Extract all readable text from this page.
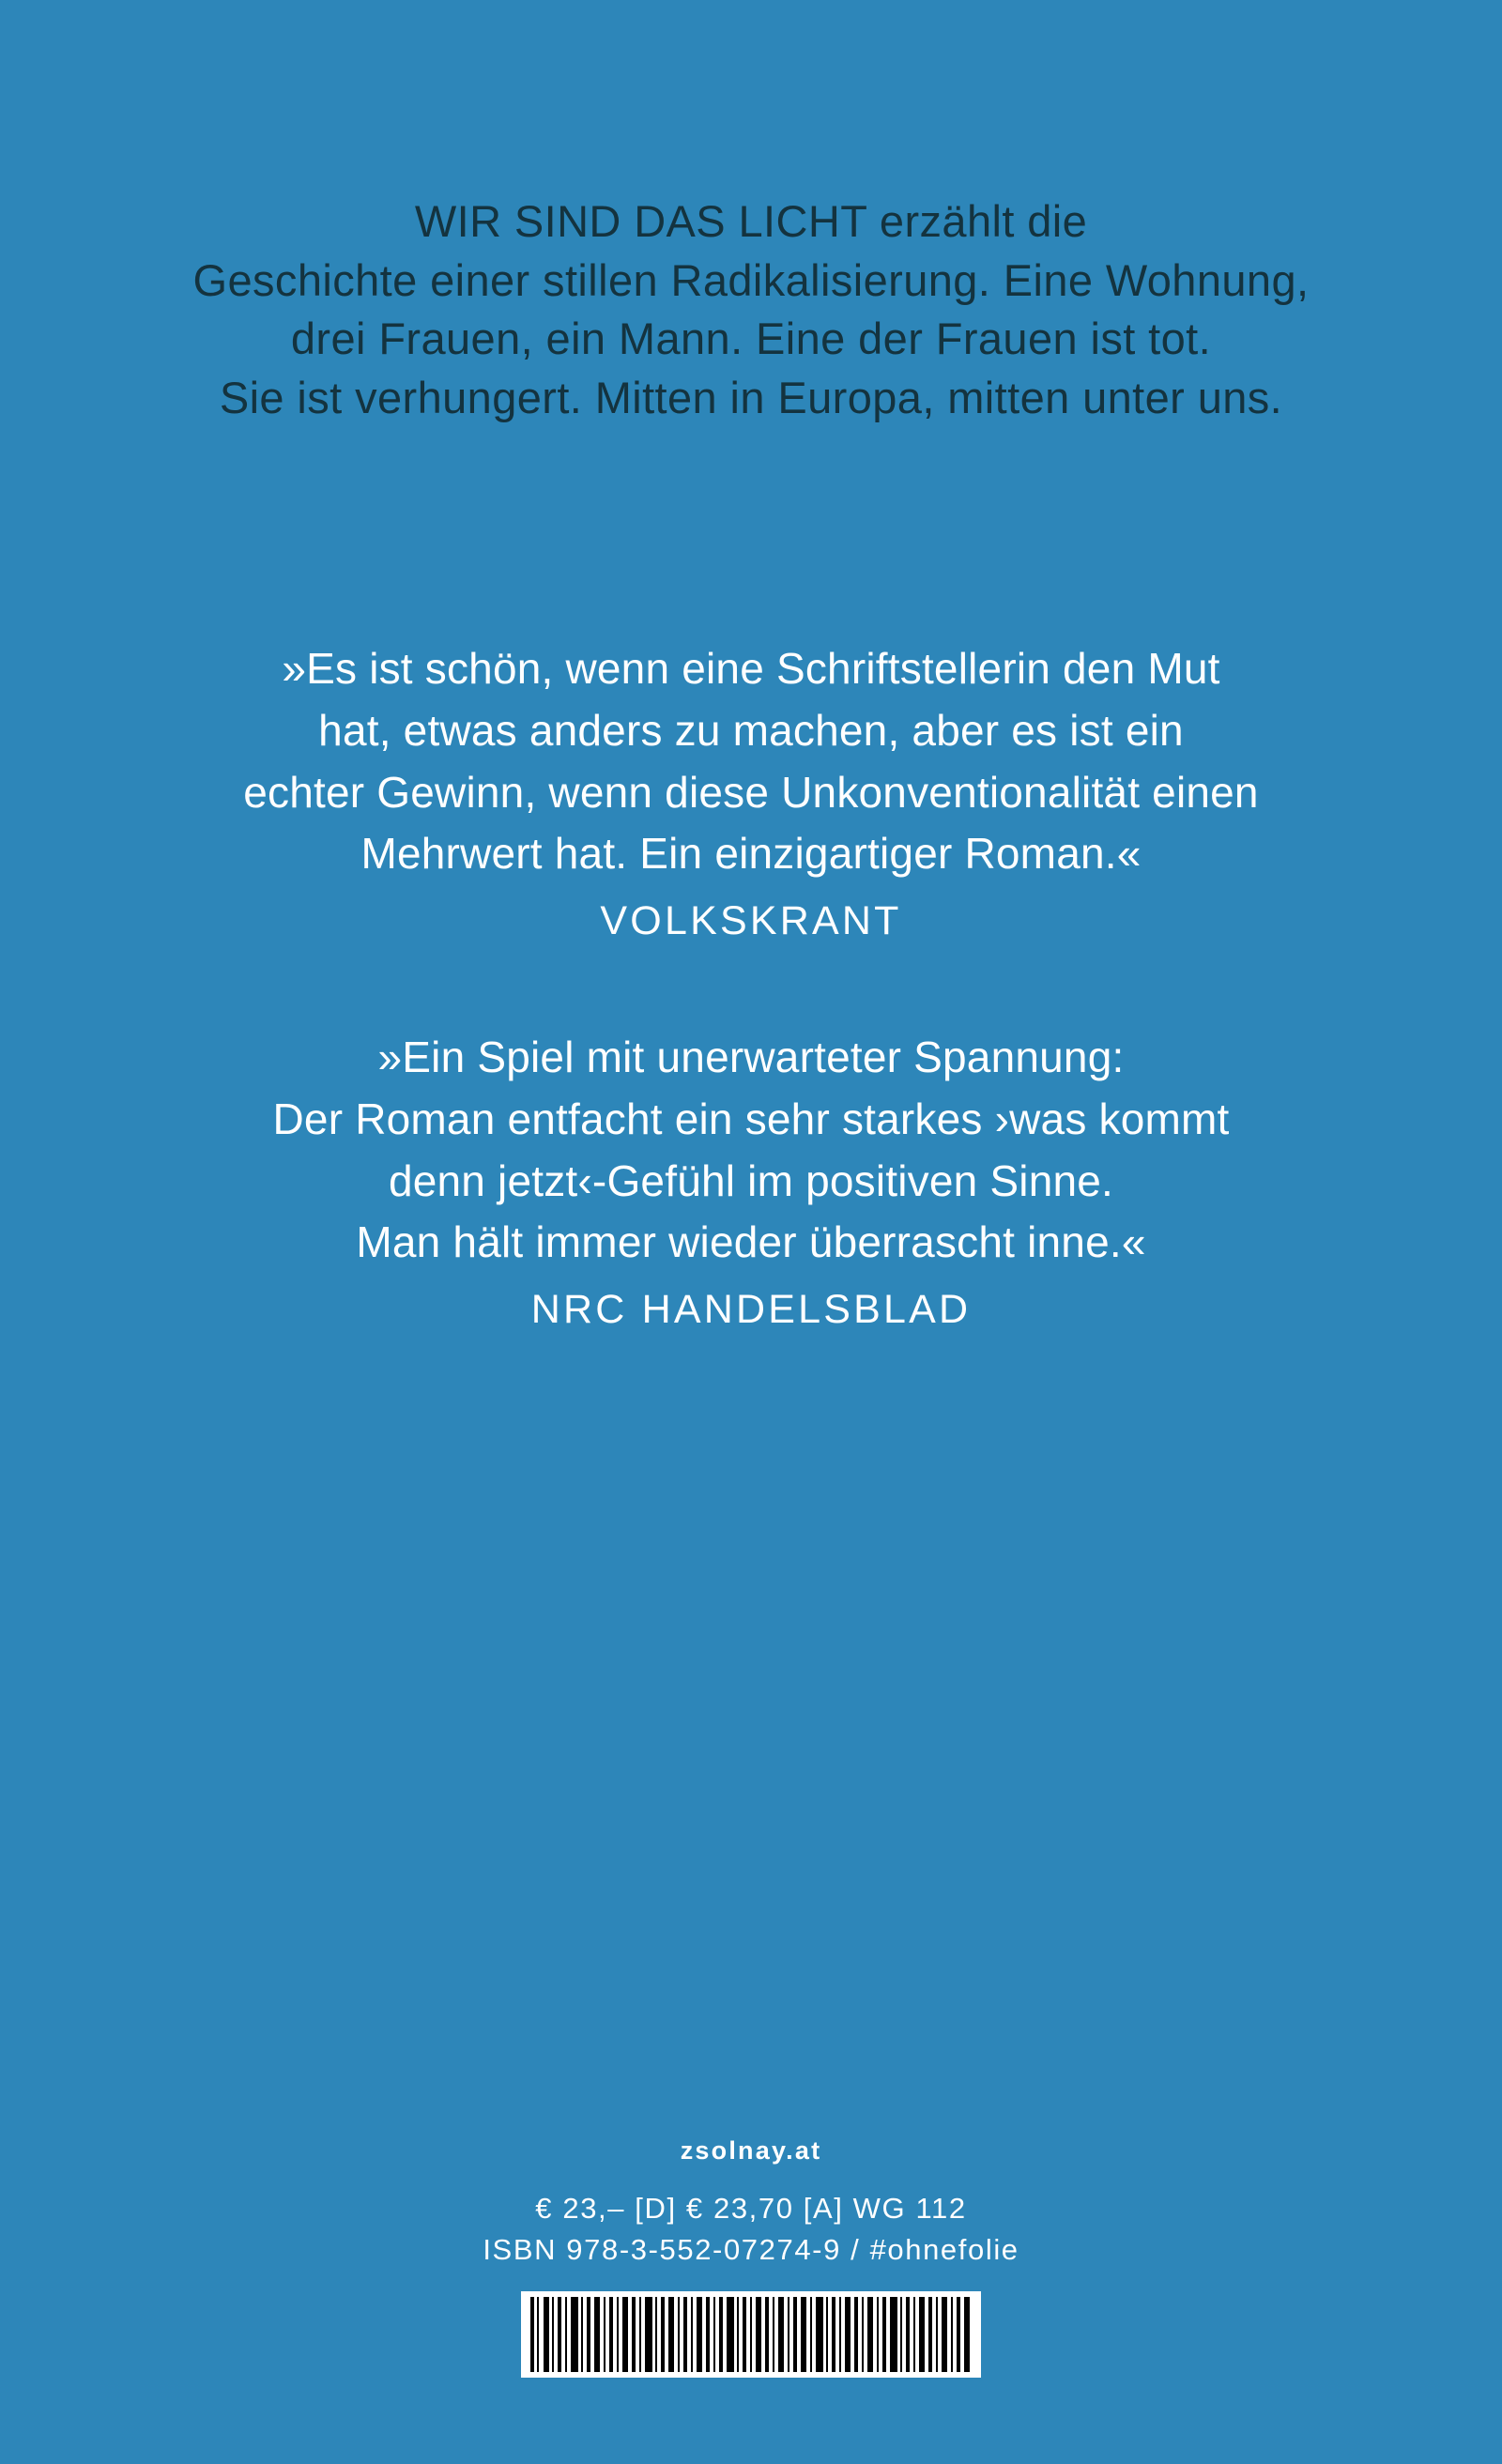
WIR SIND DAS LICHT erzählt die
Geschichte einer stillen Radikalisierung. Eine Wohnung,
drei Frauen, ein Mann. Eine der Frauen ist tot.
Sie ist verhungert. Mitten in Europa, mitten unter uns.
»Es ist schön, wenn eine Schriftstellerin den Mut
hat, etwas anders zu machen, aber es ist ein
echter Gewinn, wenn diese Unkonventionalität einen
Mehrwert hat. Ein einzigartiger Roman.«
VOLKSKRANT
»Ein Spiel mit unerwarteter Spannung:
Der Roman entfacht ein sehr starkes ›was kommt
denn jetzt‹-Gefühl im positiven Sinne.
Man hält immer wieder überrascht inne.«
NRC HANDELSBLAD
zsolnay.at
€ 23,– [D] € 23,70 [A] WG 112
ISBN 978-3-552-07274-9 / #ohnefolie
